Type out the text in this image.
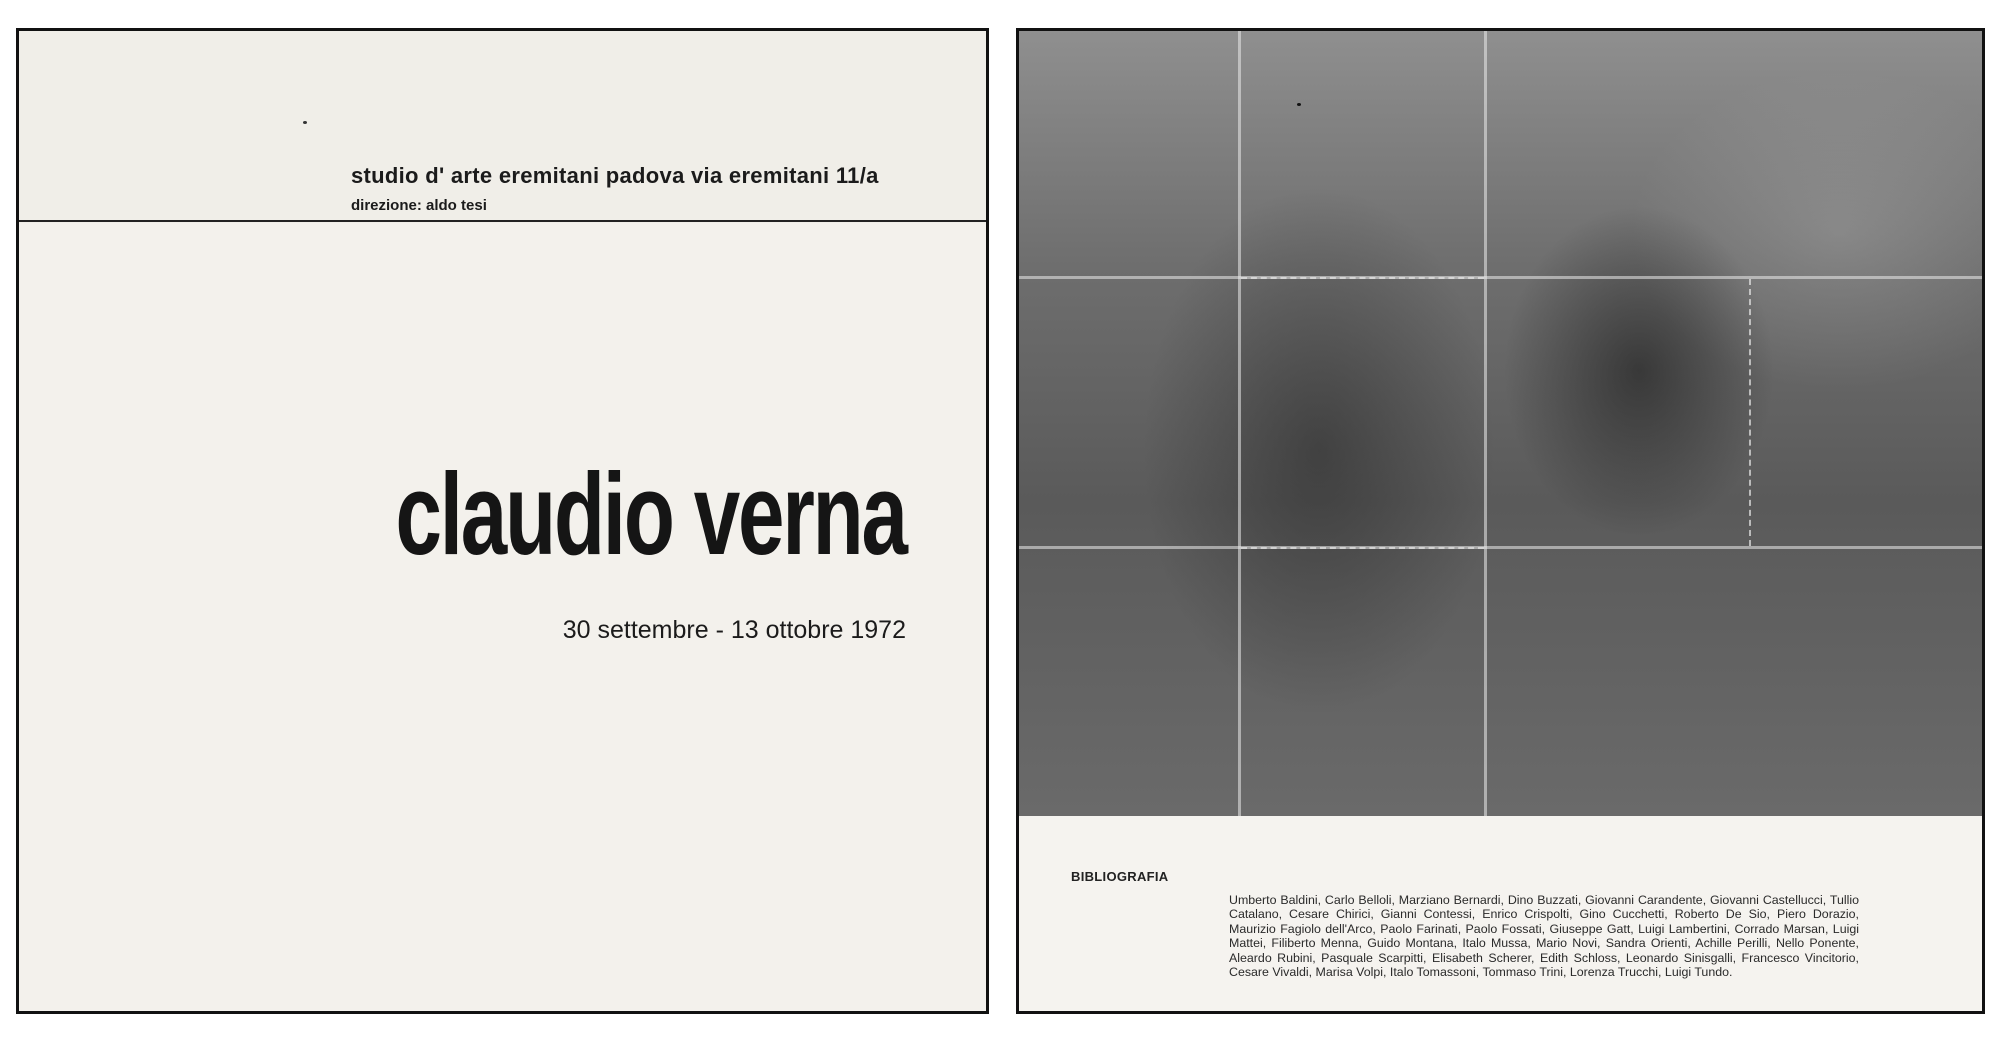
studio d' arte eremitani padova via eremitani 11/a
direzione: aldo tesi
claudio verna
30 settembre - 13 ottobre 1972
BIBLIOGRAFIA
Umberto Baldini, Carlo Belloli, Marziano Bernardi, Dino Buzzati, Giovanni Carandente, Giovanni Castellucci, Tullio Catalano, Cesare Chirici, Gianni Contessi, Enrico Crispolti, Gino Cucchetti, Roberto De Sio, Piero Dorazio, Maurizio Fagiolo dell'Arco, Paolo Farinati, Paolo Fossati, Giuseppe Gatt, Luigi Lambertini, Corrado Marsan, Luigi Mattei, Filiberto Menna, Guido Montana, Italo Mussa, Mario Novi, Sandra Orienti, Achille Perilli, Nello Ponente, Aleardo Rubini, Pasquale Scarpitti, Elisabeth Scherer, Edith Schloss, Leonardo Sinisgalli, Francesco Vincitorio, Cesare Vivaldi, Marisa Volpi, Italo Tomassoni, Tommaso Trini, Lorenza Trucchi, Luigi Tundo.
